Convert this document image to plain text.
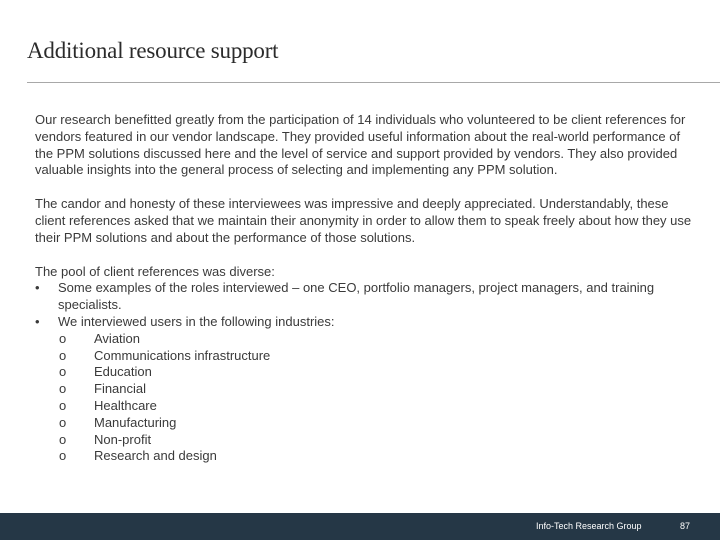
Additional resource support

Our research benefitted greatly from the participation of 14 individuals who volunteered to be client references for vendors featured in our vendor landscape. They provided useful information about the real-world performance of the PPM solutions discussed here and the level of service and support provided by vendors. They also provided valuable insights into the general process of selecting and implementing any PPM solution.

The candor and honesty of these interviewees was impressive and deeply appreciated. Understandably, these client references asked that we maintain their anonymity in order to allow them to speak freely about how they use their PPM solutions and about the performance of those solutions.

The pool of client references was diverse:

• Some examples of the roles interviewed – one CEO, portfolio managers, project managers, and training specialists.
• We interviewed users in the following industries:
o Aviation
o Communications infrastructure
o Education
o Financial
o Healthcare
o Manufacturing
o Non-profit
o Research and design
Info-Tech Research Group	87
